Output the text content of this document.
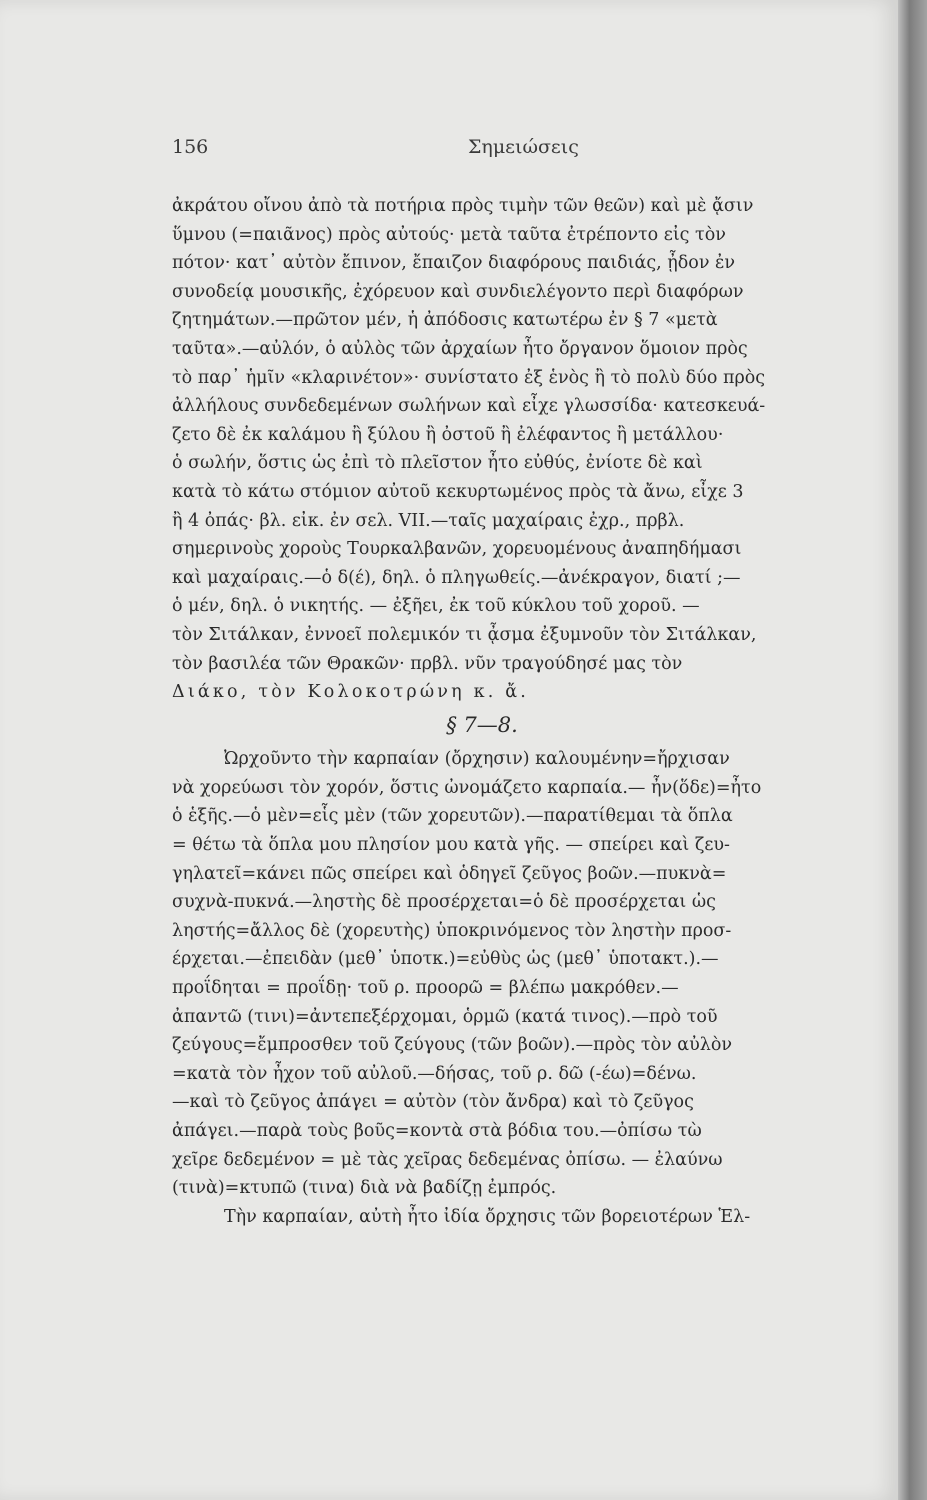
156	Σημειώσεις
ἀκράτου οἴνου ἀπὸ τὰ ποτήρια πρὸς τιμὴν τῶν θεῶν) καὶ μὲ ᾄσιν
ὕμνου (=παιᾶνος) πρὸς αὐτούς· μετὰ ταῦτα ἐτρέποντο εἰς τὸν
πότον· κατ᾽ αὐτὸν ἔπινον, ἔπαιζον διαφόρους παιδιάς, ᾖδον ἐν
συνοδείᾳ μουσικῆς, ἐχόρευον καὶ συνδιελέγοντο περὶ διαφόρων
ζητημάτων.—πρῶτον μέν, ἡ ἀπόδοσις κατωτέρω ἐν § 7 «μετὰ
ταῦτα».—αὐλόν, ὁ αὐλὸς τῶν ἀρχαίων ἦτο ὄργανον ὅμοιον πρὸς
τὸ παρ᾽ ἡμῖν «κλαρινέτον»· συνίστατο ἐξ ἑνὸς ἢ τὸ πολὺ δύο πρὸς
ἀλλήλους συνδεδεμένων σωλήνων καὶ εἶχε γλωσσίδα· κατεσκευά-
ζετο δὲ ἐκ καλάμου ἢ ξύλου ἢ ὀστοῦ ἢ ἐλέφαντος ἢ μετάλλου·
ὁ σωλήν, ὅστις ὡς ἐπὶ τὸ πλεῖστον ἦτο εὐθύς, ἐνίοτε δὲ καὶ
κατὰ τὸ κάτω στόμιον αὐτοῦ κεκυρτωμένος πρὸς τὰ ἄνω, εἶχε 3
ἢ 4 ὀπάς· βλ. εἰκ. ἐν σελ. VII.—ταῖς μαχαίραις ἐχρ., πρβλ.
σημερινοὺς χοροὺς Τουρκαλβανῶν, χορευομένους ἀναπηδήμασι
καὶ μαχαίραις.—ὁ δ(έ), δηλ. ὁ πληγωθείς.—ἀνέκραγον, διατί ;—
ὁ μέν, δηλ. ὁ νικητής. — ἐξῆει, ἐκ τοῦ κύκλου τοῦ χοροῦ. —
τὸν Σιτάλκαν, ἐννοεῖ πολεμικόν τι ᾆσμα ἐξυμνοῦν τὸν Σιτάλκαν,
τὸν βασιλέα τῶν Θρακῶν· πρβλ. νῦν τραγούδησέ μας τὸν
Διάκο, τὸν Κολοκοτρώνη κ. ἄ.
§ 7—8.
Ὠρχοῦντο τὴν καρπαίαν (ὄρχησιν) καλουμένην=ἤρχισαν
νὰ χορεύωσι τὸν χορόν, ὅστις ὠνομάζετο καρπαία.— ἦν(ὅδε)=ἦτο
ὁ ἑξῆς.—ὁ μὲν=εἷς μὲν (τῶν χορευτῶν).—παρατίθεμαι τὰ ὅπλα
= θέτω τὰ ὅπλα μου πλησίον μου κατὰ γῆς. — σπείρει καὶ ζευ-
γηλατεῖ=κάνει πῶς σπείρει καὶ ὁδηγεῖ ζεῦγος βοῶν.—πυκνὰ=
συχνὰ-πυκνά.—ληστὴς δὲ προσέρχεται=ὁ δὲ προσέρχεται ὡς
ληστής=ἄλλος δὲ (χορευτὴς) ὑποκρινόμενος τὸν ληστὴν προσ-
έρχεται.—ἐπειδὰν (μεθ᾽ ὑποτκ.)=εὐθὺς ὡς (μεθ᾽ ὑποτακτ.).—
προΐδηται = προΐδῃ· τοῦ ρ. προορῶ = βλέπω μακρόθεν.—
ἀπαντῶ (τινι)=ἀντεπεξέρχομαι, ὁρμῶ (κατά τινος).—πρὸ τοῦ
ζεύγους=ἔμπροσθεν τοῦ ζεύγους (τῶν βοῶν).—πρὸς τὸν αὐλὸν
=κατὰ τὸν ἦχον τοῦ αὐλοῦ.—δήσας, τοῦ ρ. δῶ (-έω)=δένω.
—καὶ τὸ ζεῦγος ἀπάγει = αὐτὸν (τὸν ἄνδρα) καὶ τὸ ζεῦγος
ἀπάγει.—παρὰ τοὺς βοῦς=κοντὰ στὰ βόδια του.—ὀπίσω τὼ
χεῖρε δεδεμένον = μὲ τὰς χεῖρας δεδεμένας ὀπίσω. — ἐλαύνω
(τινὰ)=κτυπῶ (τινα) διὰ νὰ βαδίζῃ ἐμπρός.
Τὴν καρπαίαν, αὐτὴ ἦτο ἰδία ὄρχησις τῶν βορειοτέρων Ἑλ-
